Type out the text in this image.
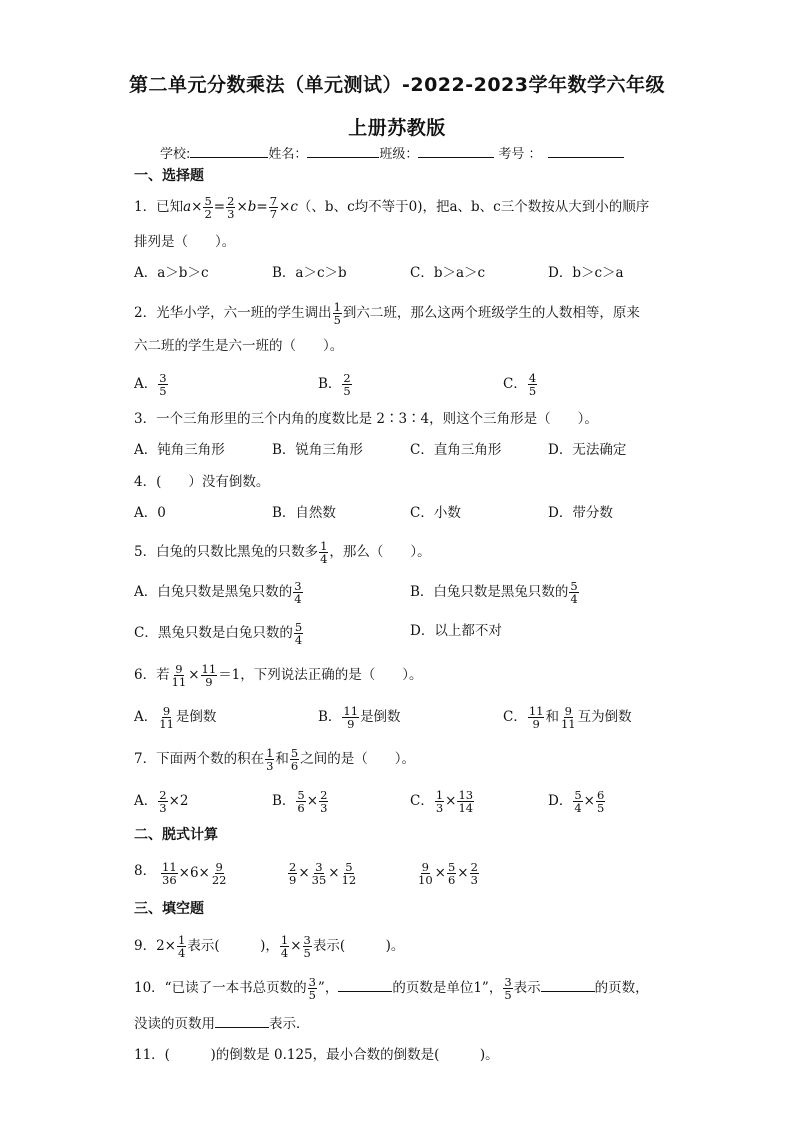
第二单元分数乘法（单元测试）-2022-2023学年数学六年级
上册苏教版
学校:	姓名：	班级：	考号 ：
一、选择题
1．已知$a\times \frac{5}{2} = \frac{2}{3} \times b= \frac{7}{7} \times c$（、b、c均不等于0)，把a、b、c三个数按从大到小的顺序
排列是（　　）。
A．a＞b＞c	B．a＞c＞b	C．b＞a＞c	D．b＞c＞a
2．光华小学，六一班的学生调出 $\frac{1}{5}$ 到六二班，那么这两个班级学生的人数相等，原来
六二班的学生是六一班的（　　）。
A． $\frac{3}{5}$	B． $\frac{2}{5}$	C． $\frac{4}{5}$
3．一个三角形里的三个内角的度数比是 2∶3∶4，则这个三角形是（　　）。
A．钝角三角形	B．锐角三角形	C．直角三角形	D．无法确定
4．(　　）没有倒数。
A．0	B．自然数	C．小数	D．带分数
5．白兔的只数比黑兔的只数多 $\frac{1}{4}$ ，那么（　　）。
A．白兔只数是黑兔只数的 $\frac{3}{4}$	B．白兔只数是黑兔只数的 $\frac{5}{4}$
C．黑兔只数是白兔只数的 $\frac{5}{4}$	D．以上都不对
6．若 $\frac{9}{11} \times \frac{11}{9} =1$，下列说法正确的是（　　）。
A． $\frac{9}{11}$ 是倒数	B． $\frac{11}{9}$ 是倒数	C． $\frac{11}{9}$ 和 $\frac{9}{11}$ 互为倒数
7．下面两个数的积在 $\frac{1}{3}$ 和 $\frac{5}{6}$ 之间的是（　　）。
A． $\frac{2}{3} \times 2$	B． $\frac{5}{6} \times \frac{2}{3}$	C． $\frac{1}{3} \times \frac{13}{14}$	D． $\frac{5}{4} \times \frac{6}{5}$
二、脱式计算
8． $\frac{11}{36} \times 6\times \frac{9}{22}$	$\frac{2}{9} \times \frac{3}{35} \times \frac{5}{12}$	$\frac{9}{10} \times \frac{5}{6} \times \frac{2}{3}$
三、填空题
9．$2\times \frac{1}{4}$ 表示(　　　)， $\frac{1}{4} \times \frac{3}{5}$ 表示(　　　)。
10．“已读了一本书总页数的 $\frac{3}{5}$ ”，	的页数是单位1”， $\frac{3}{5}$ 表示	的页数，
没读的页数用	表示．
11．(　　　)的倒数是 0.125，最小合数的倒数是(　　　)。
